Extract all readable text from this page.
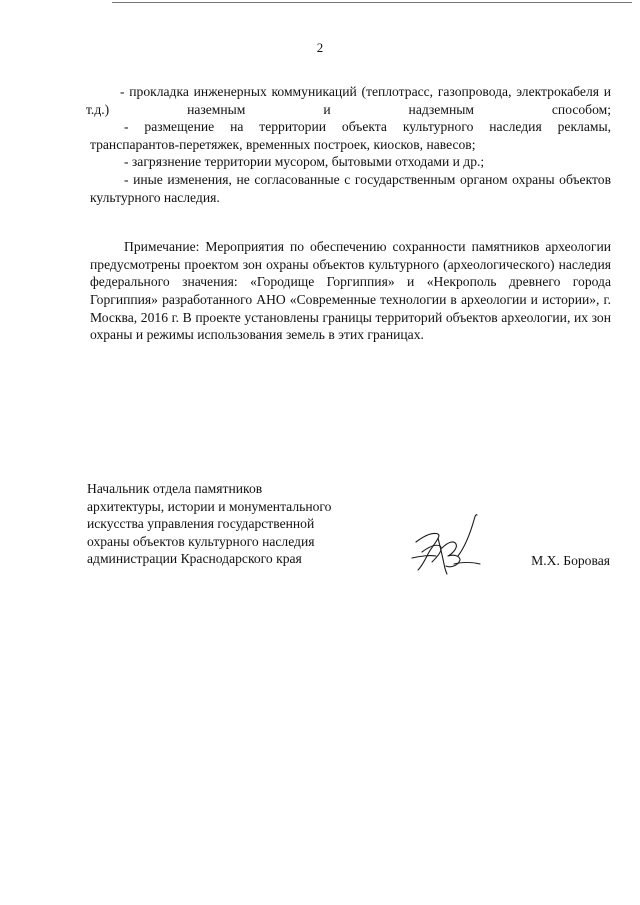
2

- прокладка инженерных коммуникаций (теплотрасс, газопровода, электрокабеля и т.д.) наземным и надземным способом;

- размещение на территории объекта культурного наследия рекламы, транспарантов-перетяжек, временных построек, киосков, навесов;

- загрязнение территории мусором, бытовыми отходами и др.;

- иные изменения, не согласованные с государственным органом охраны объектов культурного наследия.

Примечание: Мероприятия по обеспечению сохранности памятников археологии предусмотрены проектом зон охраны объектов культурного (археологического) наследия федерального значения: «Городище Горгиппия» и «Некрополь древнего города Горгиппия» разработанного АНО «Современные технологии в археологии и истории», г. Москва, 2016 г. В проекте установлены границы территорий объектов археологии, их зон охраны и режимы использования земель в этих границах.

Начальник отдела памятников
архитектуры, истории и монументального
искусства управления государственной
охраны объектов культурного наследия
администрации Краснодарского края	М.Х. Боровая
